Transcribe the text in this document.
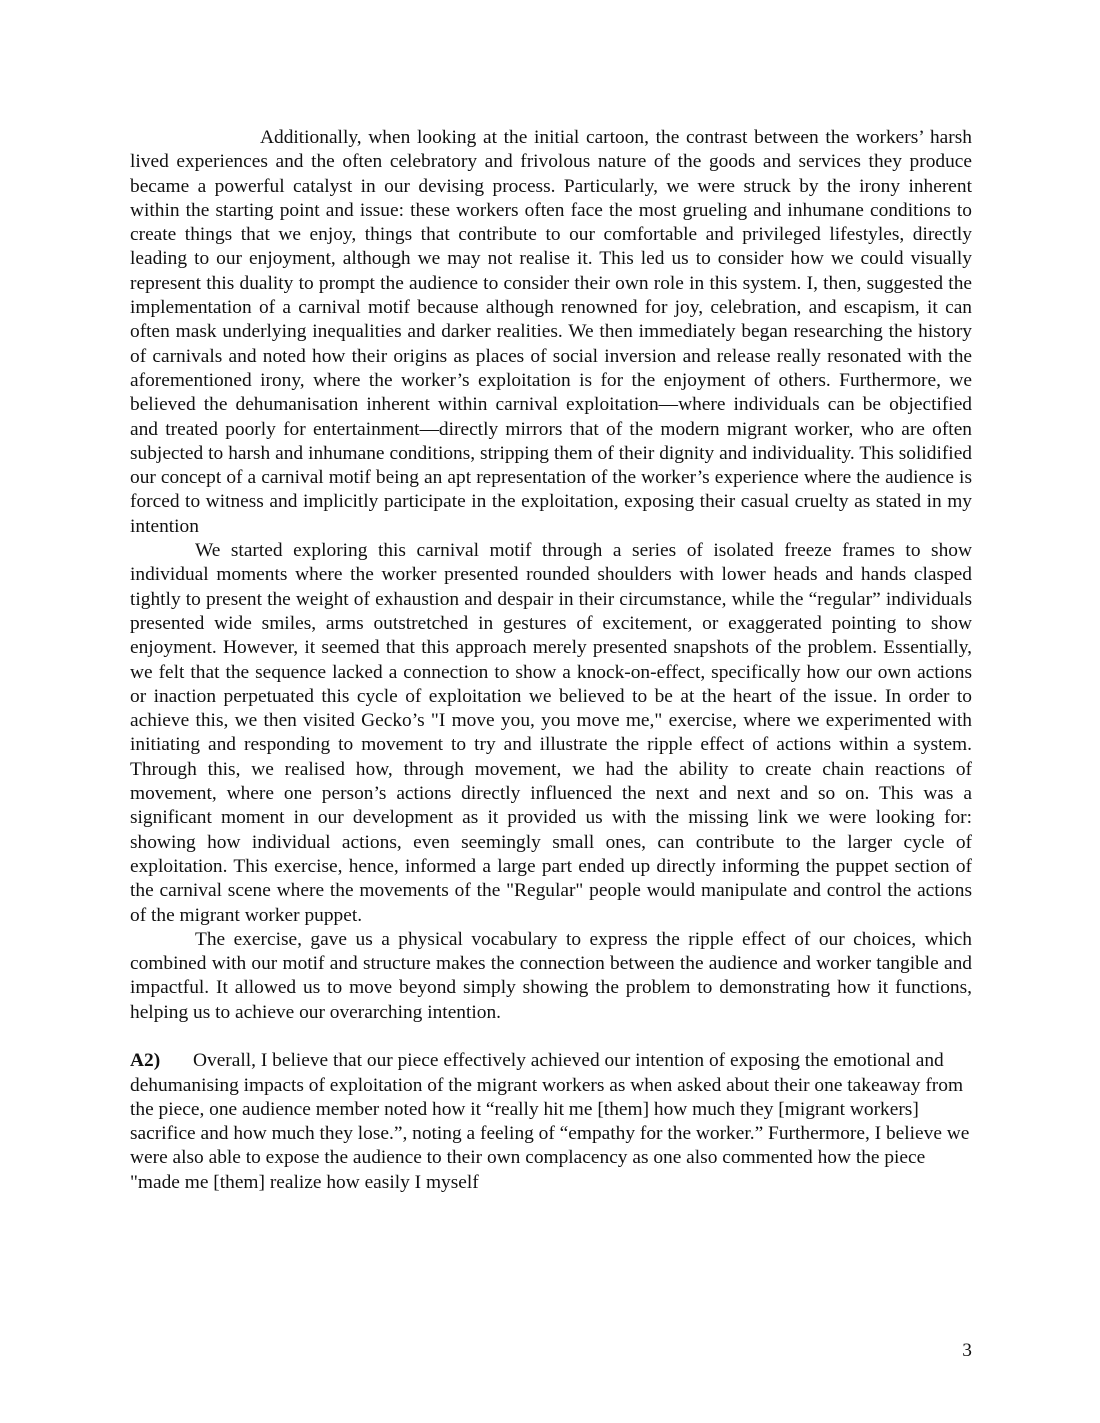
Additionally, when looking at the initial cartoon, the contrast between the workers’ harsh lived experiences and the often celebratory and frivolous nature of the goods and services they produce became a powerful catalyst in our devising process. Particularly, we were struck by the irony inherent within the starting point and issue: these workers often face the most grueling and inhumane conditions to create things that we enjoy, things that contribute to our comfortable and privileged lifestyles, directly leading to our enjoyment, although we may not realise it. This led us to consider how we could visually represent this duality to prompt the audience to consider their own role in this system. I, then, suggested the implementation of a carnival motif because although renowned for joy, celebration, and escapism, it can often mask underlying inequalities and darker realities. We then immediately began researching the history of carnivals and noted how their origins as places of social inversion and release really resonated with the aforementioned irony, where the worker’s exploitation is for the enjoyment of others. Furthermore, we believed the dehumanisation inherent within carnival exploitation—where individuals can be objectified and treated poorly for entertainment—directly mirrors that of the modern migrant worker, who are often subjected to harsh and inhumane conditions, stripping them of their dignity and individuality. This solidified our concept of a carnival motif being an apt representation of the worker’s experience where the audience is forced to witness and implicitly participate in the exploitation, exposing their casual cruelty as stated in my intention

We started exploring this carnival motif through a series of isolated freeze frames to show individual moments where the worker presented rounded shoulders with lower heads and hands clasped tightly to present the weight of exhaustion and despair in their circumstance, while the “regular” individuals presented wide smiles, arms outstretched in gestures of excitement, or exaggerated pointing to show enjoyment. However, it seemed that this approach merely presented snapshots of the problem. Essentially, we felt that the sequence lacked a connection to show a knock-on-effect, specifically how our own actions or inaction perpetuated this cycle of exploitation we believed to be at the heart of the issue. In order to achieve this, we then visited Gecko’s "I move you, you move me," exercise, where we experimented with initiating and responding to movement to try and illustrate the ripple effect of actions within a system. Through this, we realised how, through movement, we had the ability to create chain reactions of movement, where one person’s actions directly influenced the next and next and so on. This was a significant moment in our development as it provided us with the missing link we were looking for: showing how individual actions, even seemingly small ones, can contribute to the larger cycle of exploitation. This exercise, hence, informed a large part ended up directly informing the puppet section of the carnival scene where the movements of the "Regular" people would manipulate and control the actions of the migrant worker puppet.

The exercise, gave us a physical vocabulary to express the ripple effect of our choices, which combined with our motif and structure makes the connection between the audience and worker tangible and impactful. It allowed us to move beyond simply showing the problem to demonstrating how it functions, helping us to achieve our overarching intention.

A2) Overall, I believe that our piece effectively achieved our intention of exposing the emotional and dehumanising impacts of exploitation of the migrant workers as when asked about their one takeaway from the piece, one audience member noted how it “really hit me [them] how much they [migrant workers] sacrifice and how much they lose.”, noting a feeling of “empathy for the worker.” Furthermore, I believe we were also able to expose the audience to their own complacency as one also commented how the piece "made me [them] realize how easily I myself

3
